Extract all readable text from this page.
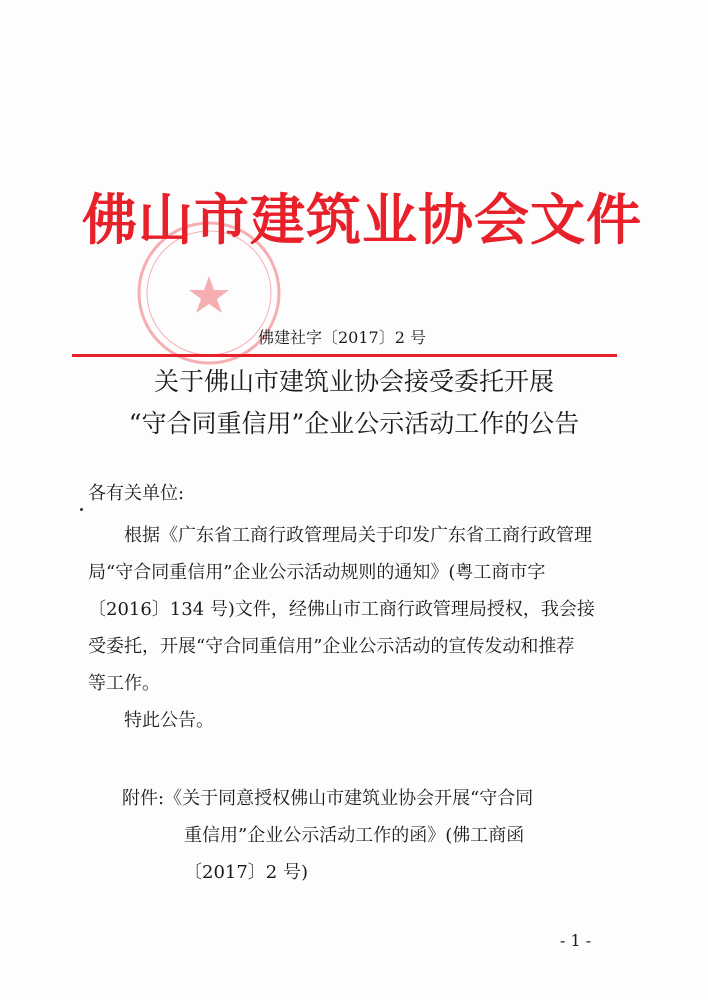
佛山市建筑业协会文件
佛建社字〔2017〕2 号
关于佛山市建筑业协会接受委托开展
“守合同重信用”企业公示活动工作的公告
各有关单位:
根据《广东省工商行政管理局关于印发广东省工商行政管理
局“守合同重信用”企业公示活动规则的通知》(粤工商市字
〔2016〕134 号)文件，经佛山市工商行政管理局授权，我会接
受委托，开展“守合同重信用”企业公示活动的宣传发动和推荐
等工作。
特此公告。
附件:《关于同意授权佛山市建筑业协会开展“守合同
重信用”企业公示活动工作的函》(佛工商函
〔2017〕2 号)
- 1 -
